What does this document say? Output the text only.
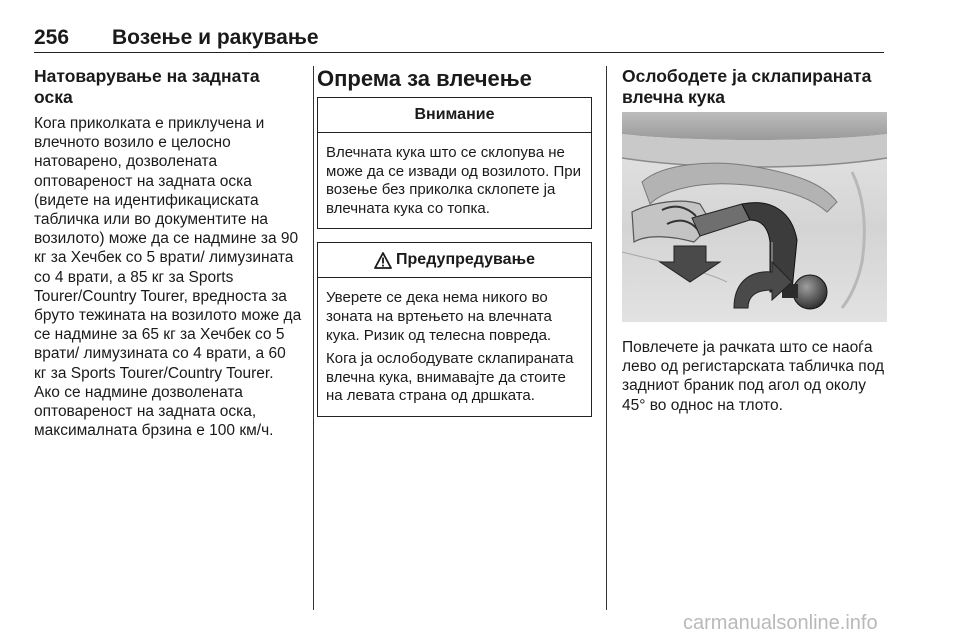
256 Возење и ракување
Натоварување на задната оска

Кога приколката е приклучена и влечното возило е целосно натоварено, дозволената оптовареност на задната оска (видете на идентификациската табличка или во документите на возилото) може да се надмине за 90 кг за Хечбек со 5 врати/ лимузината со 4 врати, а 85 кг за Sports Tourer/Country Tourer, вредноста за бруто тежината на возилото може да се надмине за 65 кг за Хечбек со 5 врати/ лимузината со 4 врати, а 60 кг за Sports Tourer/Country Tourer. Ако се надмине дозволената оптовареност на задната оска, максималната брзина е 100 км/ч.

Опрема за влечење
Внимание

Влечната кука што се склопува не може да се извади од возилото. При возење без приколка склопете ја влечната кука со топка.

Предупредување

Уверете се дека нема никого во зоната на вртењето на влечната кука. Ризик од телесна повреда.

Кога ја ослободувате склапираната влечна кука, внимавајте да стоите на левата страна од дршката.

Ослободете ја склапираната влечна кука

Повлечете ја рачката што се наоѓа лево од регистарската табличка под задниот браник под агол од околу 45° во однос на тлото.

carmanualsonline.info
